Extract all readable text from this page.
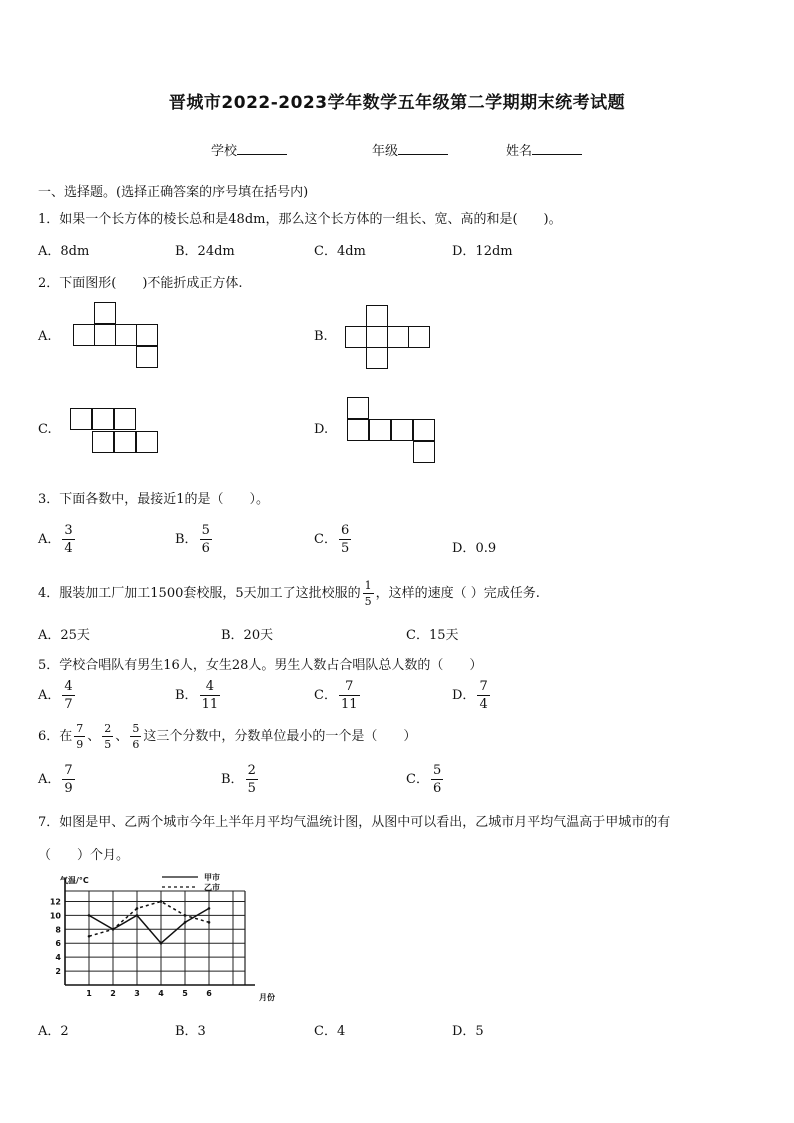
晋城市2022-2023学年数学五年级第二学期期末统考试题
学校	年级	姓名
一、选择题。(选择正确答案的序号填在括号内)
1．如果一个长方体的棱长总和是48dm，那么这个长方体的一组长、宽、高的和是(　　)。
A．8dm	B．24dm	C．4dm	D．12dm
2．下面图形(　　)不能折成正方体.
A.	B.
C.	D.
3．下面各数中，最接近1的是（　　）。
A． $\frac{3}{4}$	B． $\frac{5}{6}$	C． $\frac{6}{5}$	D．0.9
4．服装加工厂加工1500套校服，5天加工了这批校服的 $\frac{1}{5}$ ，这样的速度（ ）完成任务.
A．25天	B．20天	C．15天
5．学校合唱队有男生16人，女生28人。男生人数占合唱队总人数的（　　）
A． $\frac{4}{7}$	B． $\frac{4}{11}$	C． $\frac{7}{11}$	D． $\frac{7}{4}$
6．在 $\frac{7}{9}$ 、 $\frac{2}{5}$ 、 $\frac{5}{6}$ 这三个分数中，分数单位最小的一个是（　　）
A． $\frac{7}{9}$	B． $\frac{2}{5}$	C． $\frac{5}{6}$
7．如图是甲、乙两个城市今年上半年月平均气温统计图，从图中可以看出，乙城市月平均气温高于甲城市的有
（　　）个月。
2
4
6
8
10
12
1 2 3 4 5 6
气温/°C
月份
甲市
乙市
A．2	B．3	C．4	D．5
